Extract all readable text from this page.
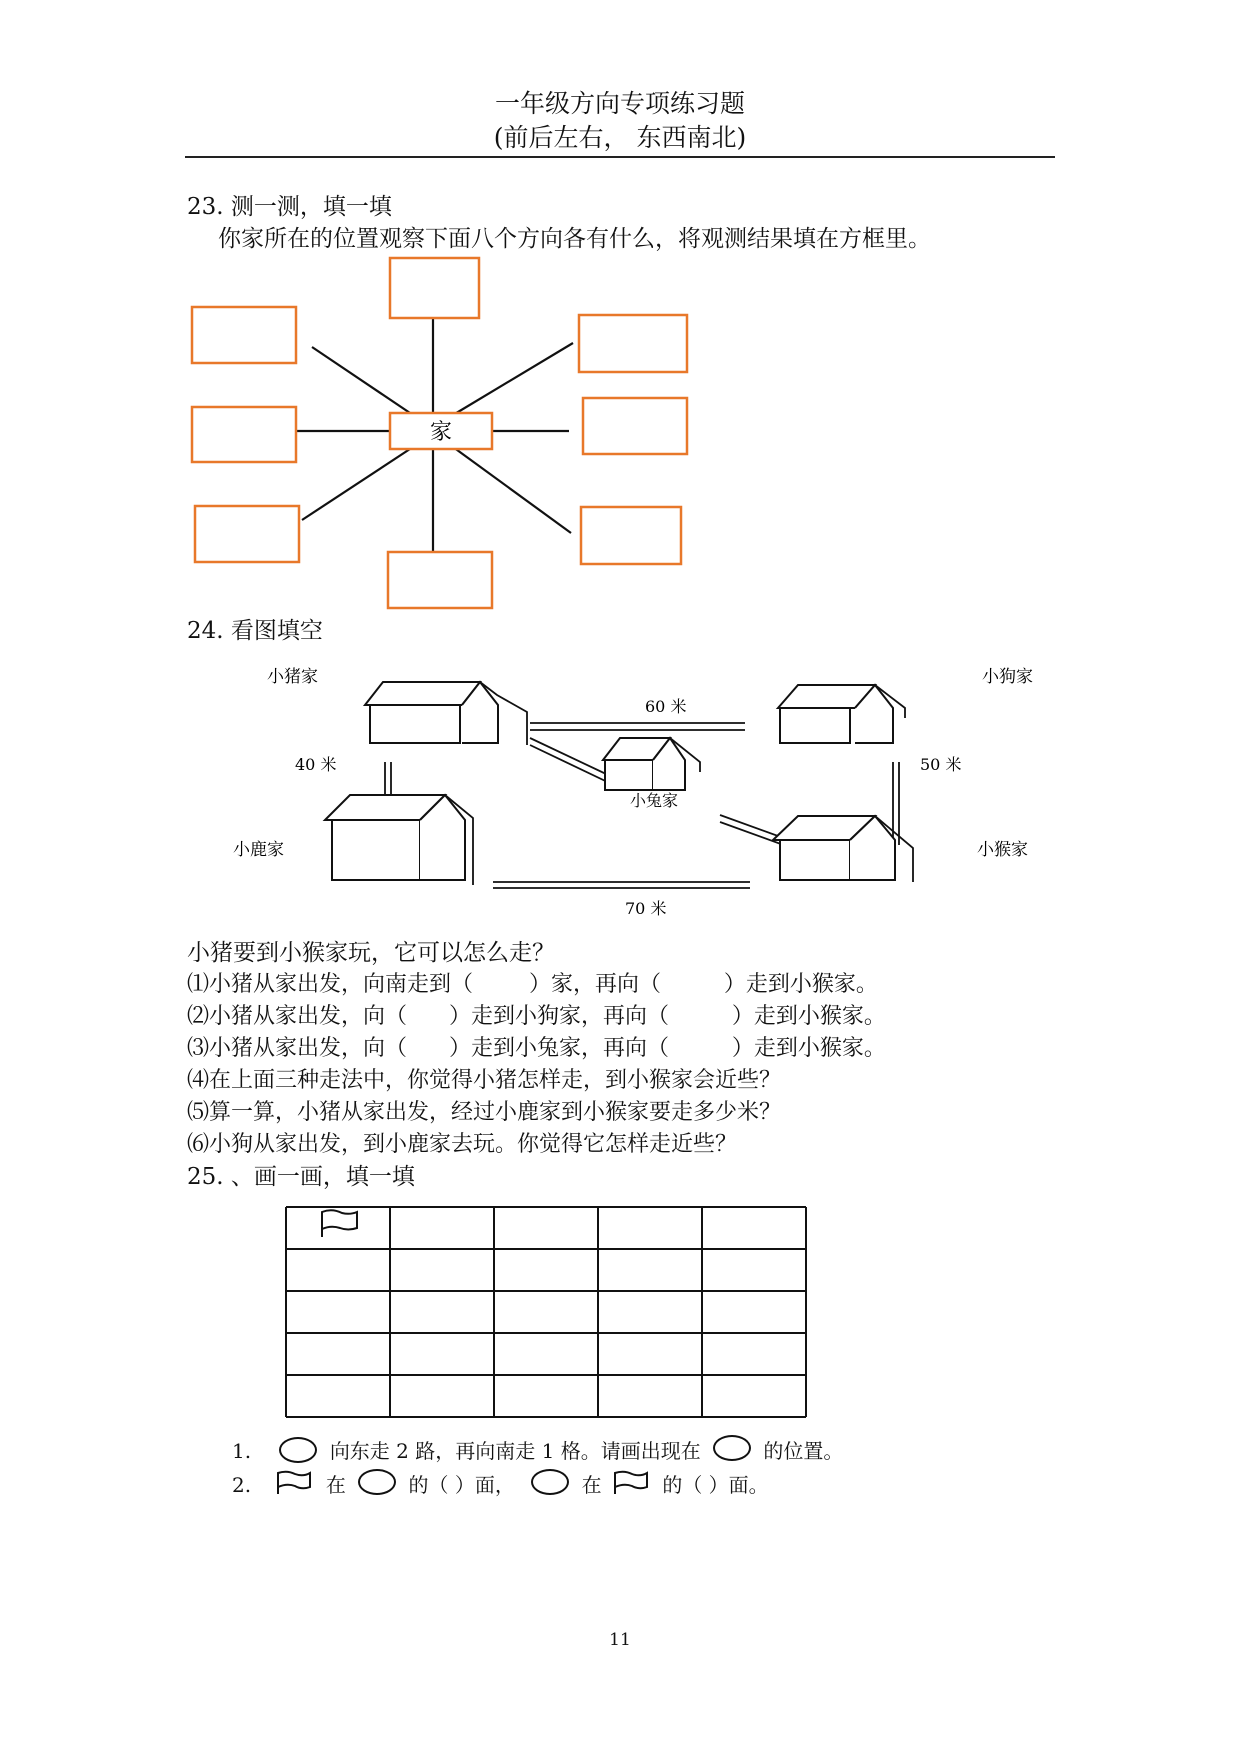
一年级方向专项练习题
(前后左右， 东西南北)
23. 测一测，填一填
你家所在的位置观察下面八个方向各有什么，将观测结果填在方框里。
家
24. 看图填空
小猪家	小狗家
小兔家
小鹿家	小猴家
60 米
40 米	50 米
70 米
小猪要到小猴家玩，它可以怎么走？
⑴小猪从家出发，向南走到（        ）家，再向（         ）走到小猴家。
⑵小猪从家出发，向（      ）走到小狗家，再向（         ）走到小猴家。
⑶小猪从家出发，向（      ）走到小兔家，再向（         ）走到小猴家。
⑷在上面三种走法中，你觉得小猪怎样走，到小猴家会近些？
⑸算一算，小猪从家出发，经过小鹿家到小猴家要走多少米？
⑹小狗从家出发，到小鹿家去玩。你觉得它怎样走近些？
25. 、画一画，填一填
1.	向东走 2 路，再向南走 1 格。请画出现在	的位置。
2.	在	的（ ）面，	在	的（ ）面。
11
